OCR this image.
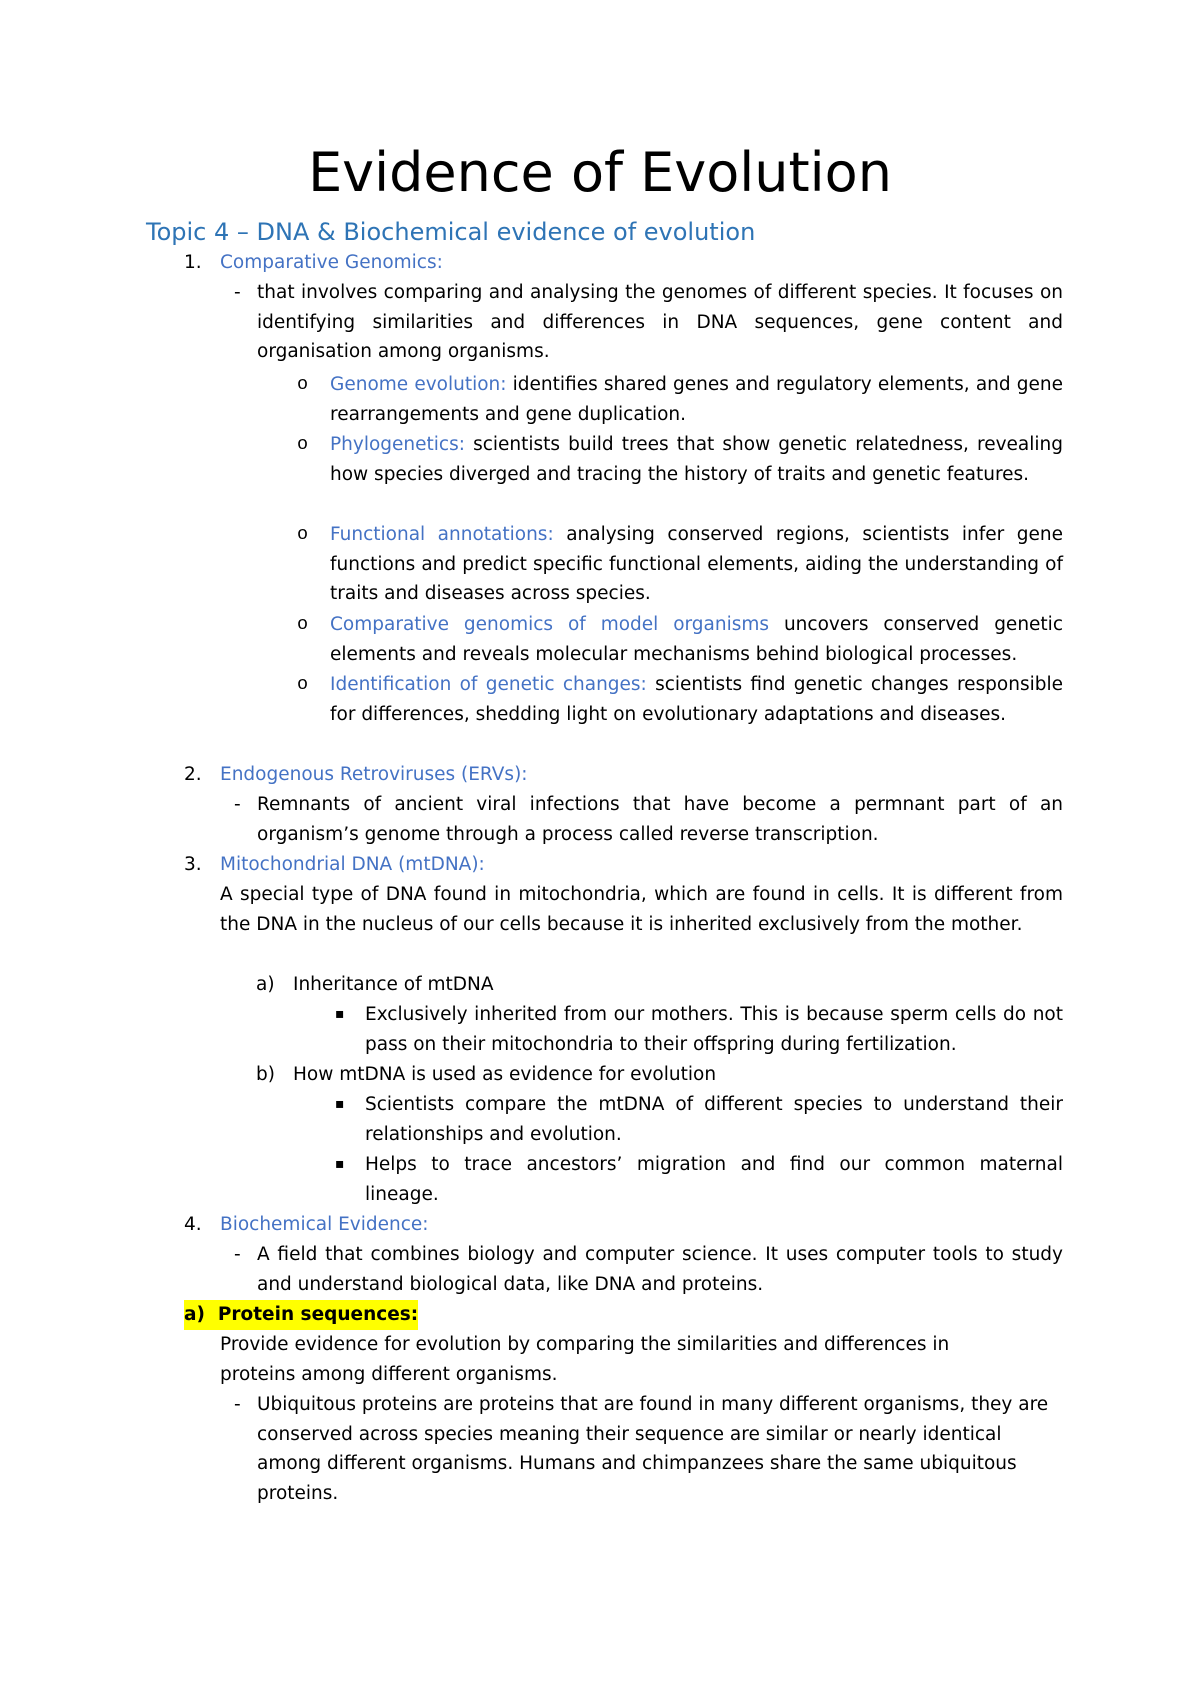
Evidence of Evolution
Topic 4 – DNA & Biochemical evidence of evolution
1. Comparative Genomics:
- that involves comparing and analysing the genomes of different species. It focuses on identifying similarities and differences in DNA sequences, gene content and organisation among organisms.
o Genome evolution: identifies shared genes and regulatory elements, and gene rearrangements and gene duplication.
o Phylogenetics: scientists build trees that show genetic relatedness, revealing how species diverged and tracing the history of traits and genetic features.
o Functional annotations: analysing conserved regions, scientists infer gene functions and predict specific functional elements, aiding the understanding of traits and diseases across species.
o Comparative genomics of model organisms uncovers conserved genetic elements and reveals molecular mechanisms behind biological processes.
o Identification of genetic changes: scientists find genetic changes responsible for differences, shedding light on evolutionary adaptations and diseases.
2. Endogenous Retroviruses (ERVs):
- Remnants of ancient viral infections that have become a permnant part of an organism’s genome through a process called reverse transcription.
3. Mitochondrial DNA (mtDNA):
A special type of DNA found in mitochondria, which are found in cells. It is different from the DNA in the nucleus of our cells because it is inherited exclusively from the mother.
a) Inheritance of mtDNA
▪ Exclusively inherited from our mothers. This is because sperm cells do not pass on their mitochondria to their offspring during fertilization.
b) How mtDNA is used as evidence for evolution
▪ Scientists compare the mtDNA of different species to understand their relationships and evolution.
▪ Helps to trace ancestors’ migration and find our common maternal lineage.
4. Biochemical Evidence:
- A field that combines biology and computer science. It uses computer tools to study and understand biological data, like DNA and proteins.
a)  Protein sequences:
Provide evidence for evolution by comparing the similarities and differences in proteins among different organisms.
- Ubiquitous proteins are proteins that are found in many different organisms, they are conserved across species meaning their sequence are similar or nearly identical among different organisms. Humans and chimpanzees share the same ubiquitous proteins.
